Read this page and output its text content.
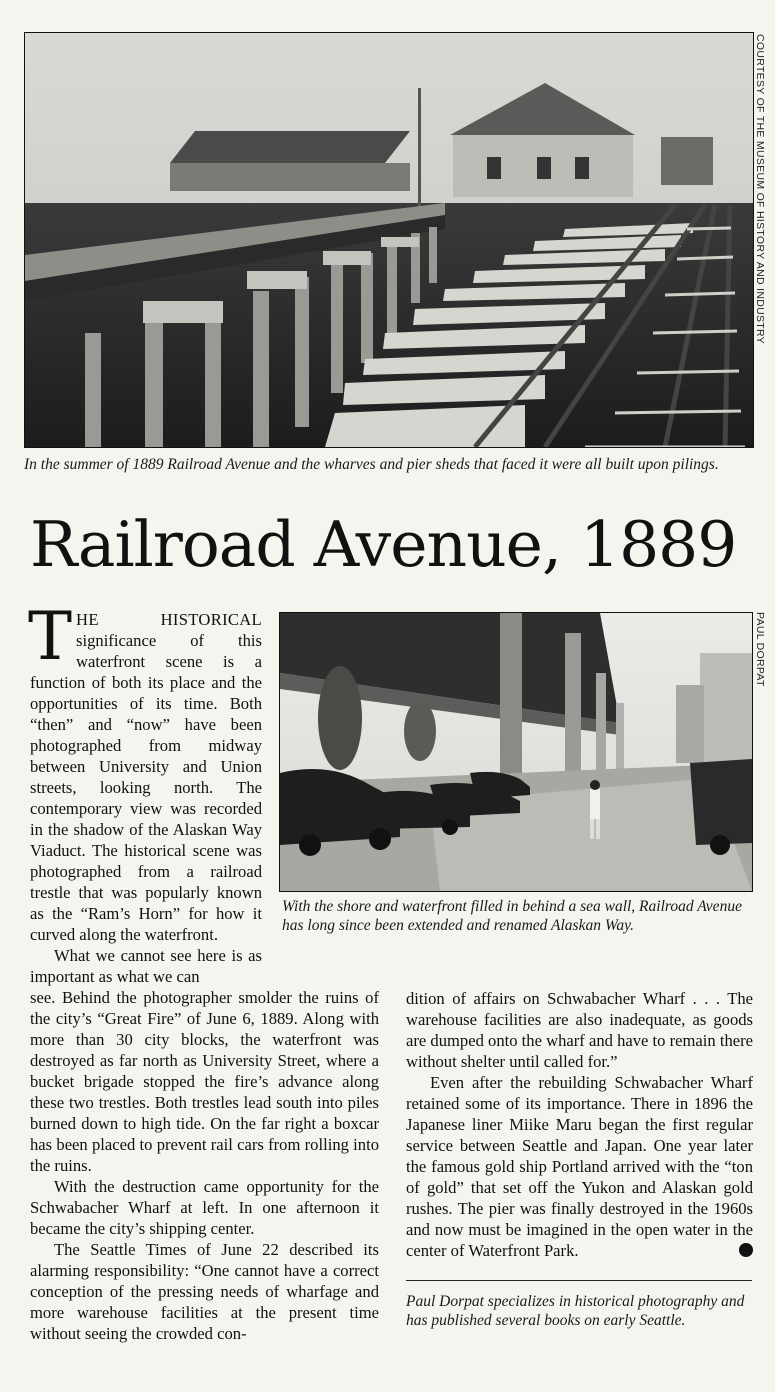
COURTESY OF THE MUSEUM OF HISTORY AND INDUSTRY
In the summer of 1889 Railroad Avenue and the wharves and pier sheds that faced it were all built upon pilings.
Railroad Avenue, 1889
PAUL DORPAT
With the shore and waterfront filled in behind a sea wall, Railroad Avenue has long since been extended and renamed Alaskan Way.

THE HISTORICAL significance of this waterfront scene is a function of both its place and the opportunities of its time. Both “then” and “now” have been photographed from midway between University and Union streets, looking north. The contemporary view was recorded in the shadow of the Alaskan Way Viaduct. The historical scene was photographed from a railroad trestle that was popularly known as the “Ram’s Horn” for how it curved along the waterfront.

What we cannot see here is as important as what we can

see. Behind the photographer smolder the ruins of the city’s “Great Fire” of June 6, 1889. Along with more than 30 city blocks, the waterfront was destroyed as far north as University Street, where a bucket brigade stopped the fire’s advance along these two trestles. Both trestles lead south into piles burned down to high tide. On the far right a boxcar has been placed to prevent rail cars from rolling into the ruins.

With the destruction came opportunity for the Schwabacher Wharf at left. In one afternoon it became the city’s shipping center.

The Seattle Times of June 22 described its alarming responsibility: “One cannot have a correct conception of the pressing needs of wharfage and more warehouse facilities at the present time without seeing the crowded con-

dition of affairs on Schwabacher Wharf . . . The warehouse facilities are also inadequate, as goods are dumped onto the wharf and have to remain there without shelter until called for.”

Even after the rebuilding Schwabacher Wharf retained some of its importance. There in 1896 the Japanese liner Miike Maru began the first regular service between Seattle and Japan. One year later the famous gold ship Portland arrived with the “ton of gold” that set off the Yukon and Alaskan gold rushes. The pier was finally destroyed in the 1960s and now must be imagined in the open water in the center of Waterfront Park.	P

Paul Dorpat specializes in historical photography and has published several books on early Seattle.
